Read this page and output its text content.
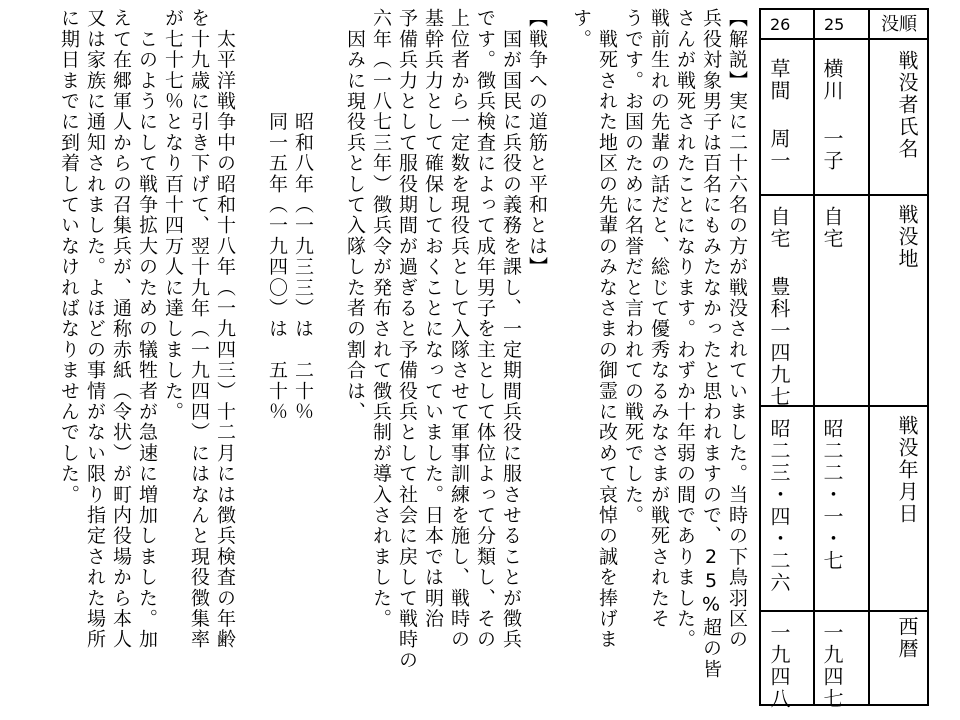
26 25 没順
戦没者氏名
戦没地
戦没年月日
西暦
横川 一子
草間 周一
自宅
自宅 豊科一四九七
昭二二・一・七
昭二三・四・二六
一九四七
一九四八
【解説】実に二十六名の方が戦没されていました。当時の下鳥羽区の
兵役対象男子は百名にもみたなかったと思われますので、25%超の皆
さんが戦死されたことになります。わずか十年弱の間でありました。
戦前生れの先輩の話だと、総じて優秀なるみなさまが戦死されたそ
うです。お国のために名誉だと言われての戦死でした。
　戦死された地区の先輩のみなさまの御霊に改めて哀悼の誠を捧げま
す。
【戦争への道筋と平和とは】
　国が国民に兵役の義務を課し、一定期間兵役に服させることが徴兵
です。徴兵検査によって成年男子を主として体位よって分類し、その
上位者から一定数を現役兵として入隊させて軍事訓練を施し、戦時の
基幹兵力として確保しておくことになっていました。日本では明治
予備兵力として服役期間が過ぎると予備役兵として社会に戻して戦時の
六年（一八七三年）徴兵令が発布されて徴兵制が導入されました。
　因みに現役兵として入隊した者の割合は、
　　　　　昭和八年（一九三三）は　二十％
　　　　　同一五年（一九四〇）は　五十％
　太平洋戦争中の昭和十八年（一九四三）十二月には徴兵検査の年齢
を十九歳に引き下げて、翌十九年（一九四四）にはなんと現役徴集率
が七十七％となり百十四万人に達しました。
　このようにして戦争拡大のための犠牲者が急速に増加しました。加
えて在郷軍人からの召集兵が、通称赤紙（令状）が町内役場から本人
又は家族に通知されました。よほどの事情がない限り指定された場所
に期日までに到着していなければなりませんでした。
